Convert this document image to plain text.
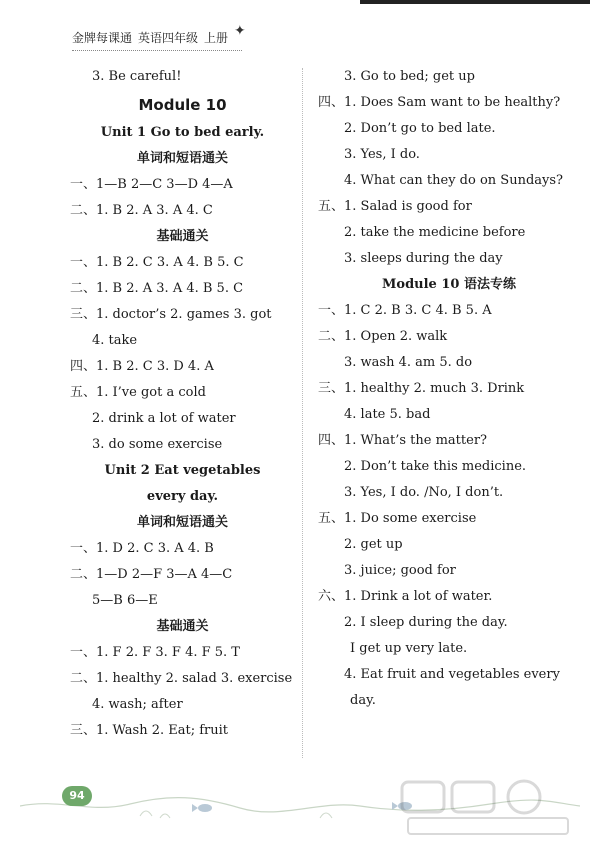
金牌每课通 英语四年级 上册 ✦
3. Be careful!
Module 10
Unit 1 Go to bed early.
单词和短语通关
一、1—B 2—C 3—D 4—A
二、1. B 2. A 3. A 4. C
基础通关
一、1. B 2. C 3. A 4. B 5. C
二、1. B 2. A 3. A 4. B 5. C
三、1. doctor’s 2. games 3. got
4. take
四、1. B 2. C 3. D 4. A
五、1. I’ve got a cold
2. drink a lot of water
3. do some exercise
Unit 2 Eat vegetables
every day.
单词和短语通关
一、1. D 2. C 3. A 4. B
二、1—D 2—F 3—A 4—C
5—B 6—E
基础通关
一、1. F 2. F 3. F 4. F 5. T
二、1. healthy 2. salad 3. exercise
4. wash; after
三、1. Wash 2. Eat; fruit
3. Go to bed; get up
四、1. Does Sam want to be healthy?
2. Don’t go to bed late.
3. Yes, I do.
4. What can they do on Sundays?
五、1. Salad is good for
2. take the medicine before
3. sleeps during the day
Module 10 语法专练
一、1. C 2. B 3. C 4. B 5. A
二、1. Open 2. walk
3. wash 4. am 5. do
三、1. healthy 2. much 3. Drink
4. late 5. bad
四、1. What’s the matter?
2. Don’t take this medicine.
3. Yes, I do. /No, I don’t.
五、1. Do some exercise
2. get up
3. juice; good for
六、1. Drink a lot of water.
2. I sleep during the day.
I get up very late.
4. Eat fruit and vegetables every
day.
94
